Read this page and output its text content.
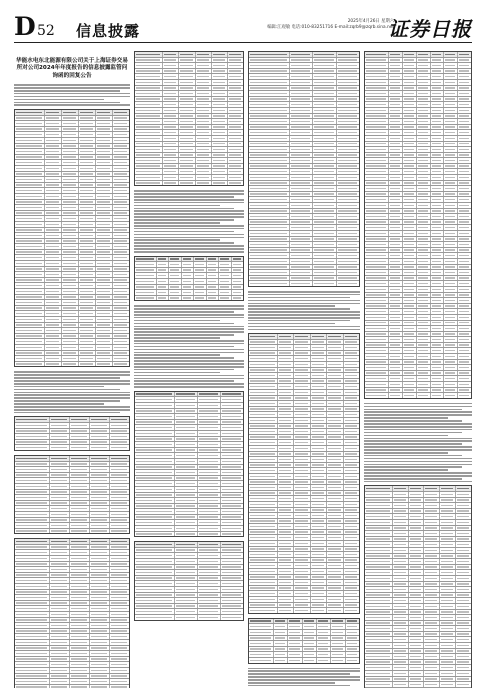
D 52 信息披露
2025年4月26日 星期六
编辑:江观敏 电话:010-83251716 E-mail:zqrb9@zqrb.sina.net
证券日报
华能水电东北能源有限公司关于上海证券交易所对公司2024年年度报告的信息披露监管问询函的回复公告
